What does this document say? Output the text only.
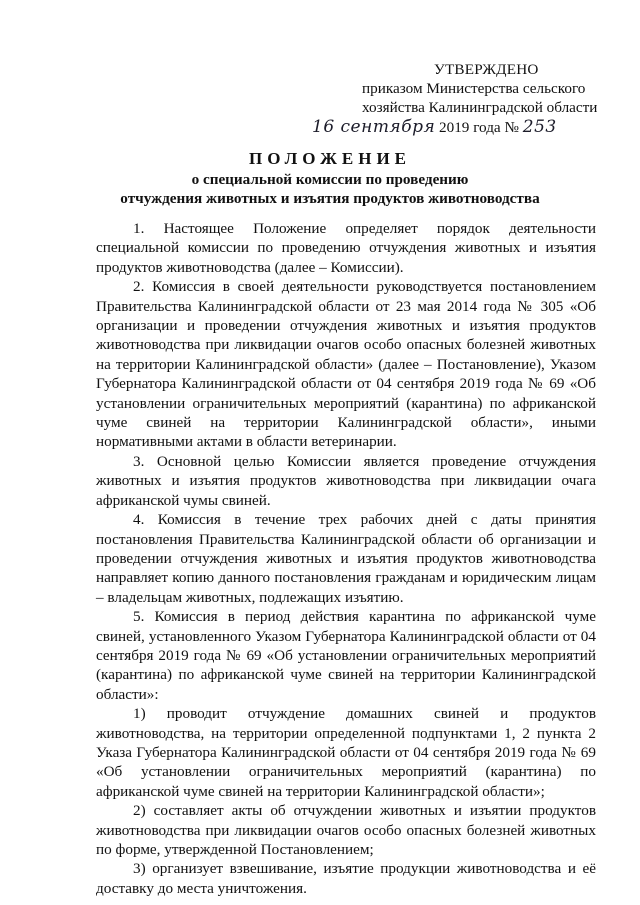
УТВЕРЖДЕНО
приказом Министерства сельского
хозяйства Калининградской области
16 сентября 2019 года № 253
ПОЛОЖЕНИЕ
о специальной комиссии по проведению
отчуждения животных и изъятия продуктов животноводства

1. Настоящее Положение определяет порядок деятельности специальной комиссии по проведению отчуждения животных и изъятия продуктов животноводства (далее – Комиссии).

2. Комиссия в своей деятельности руководствуется постановлением Правительства Калининградской области от 23 мая 2014 года № 305 «Об организации и проведении отчуждения животных и изъятия продуктов животноводства при ликвидации очагов особо опасных болезней животных на территории Калининградской области» (далее – Постановление), Указом Губернатора Калининградской области от 04 сентября 2019 года № 69 «Об установлении ограничительных мероприятий (карантина) по африканской чуме свиней на территории Калининградской области», иными нормативными актами в области ветеринарии.

3. Основной целью Комиссии является проведение отчуждения животных и изъятия продуктов животноводства при ликвидации очага африканской чумы свиней.

4. Комиссия в течение трех рабочих дней с даты принятия постановления Правительства Калининградской области об организации и проведении отчуждения животных и изъятия продуктов животноводства направляет копию данного постановления гражданам и юридическим лицам – владельцам животных, подлежащих изъятию.

5. Комиссия в период действия карантина по африканской чуме свиней, установленного Указом Губернатора Калининградской области от 04 сентября 2019 года № 69 «Об установлении ограничительных мероприятий (карантина) по африканской чуме свиней на территории Калининградской области»:

1) проводит отчуждение домашних свиней и продуктов животноводства, на территории определенной подпунктами 1, 2 пункта 2 Указа Губернатора Калининградской области от 04 сентября 2019 года № 69 «Об установлении ограничительных мероприятий (карантина) по африканской чуме свиней на территории Калининградской области»;

2) составляет акты об отчуждении животных и изъятии продуктов животноводства при ликвидации очагов особо опасных болезней животных по форме, утвержденной Постановлением;

3) организует взвешивание, изъятие продукции животноводства и её доставку до места уничтожения.
